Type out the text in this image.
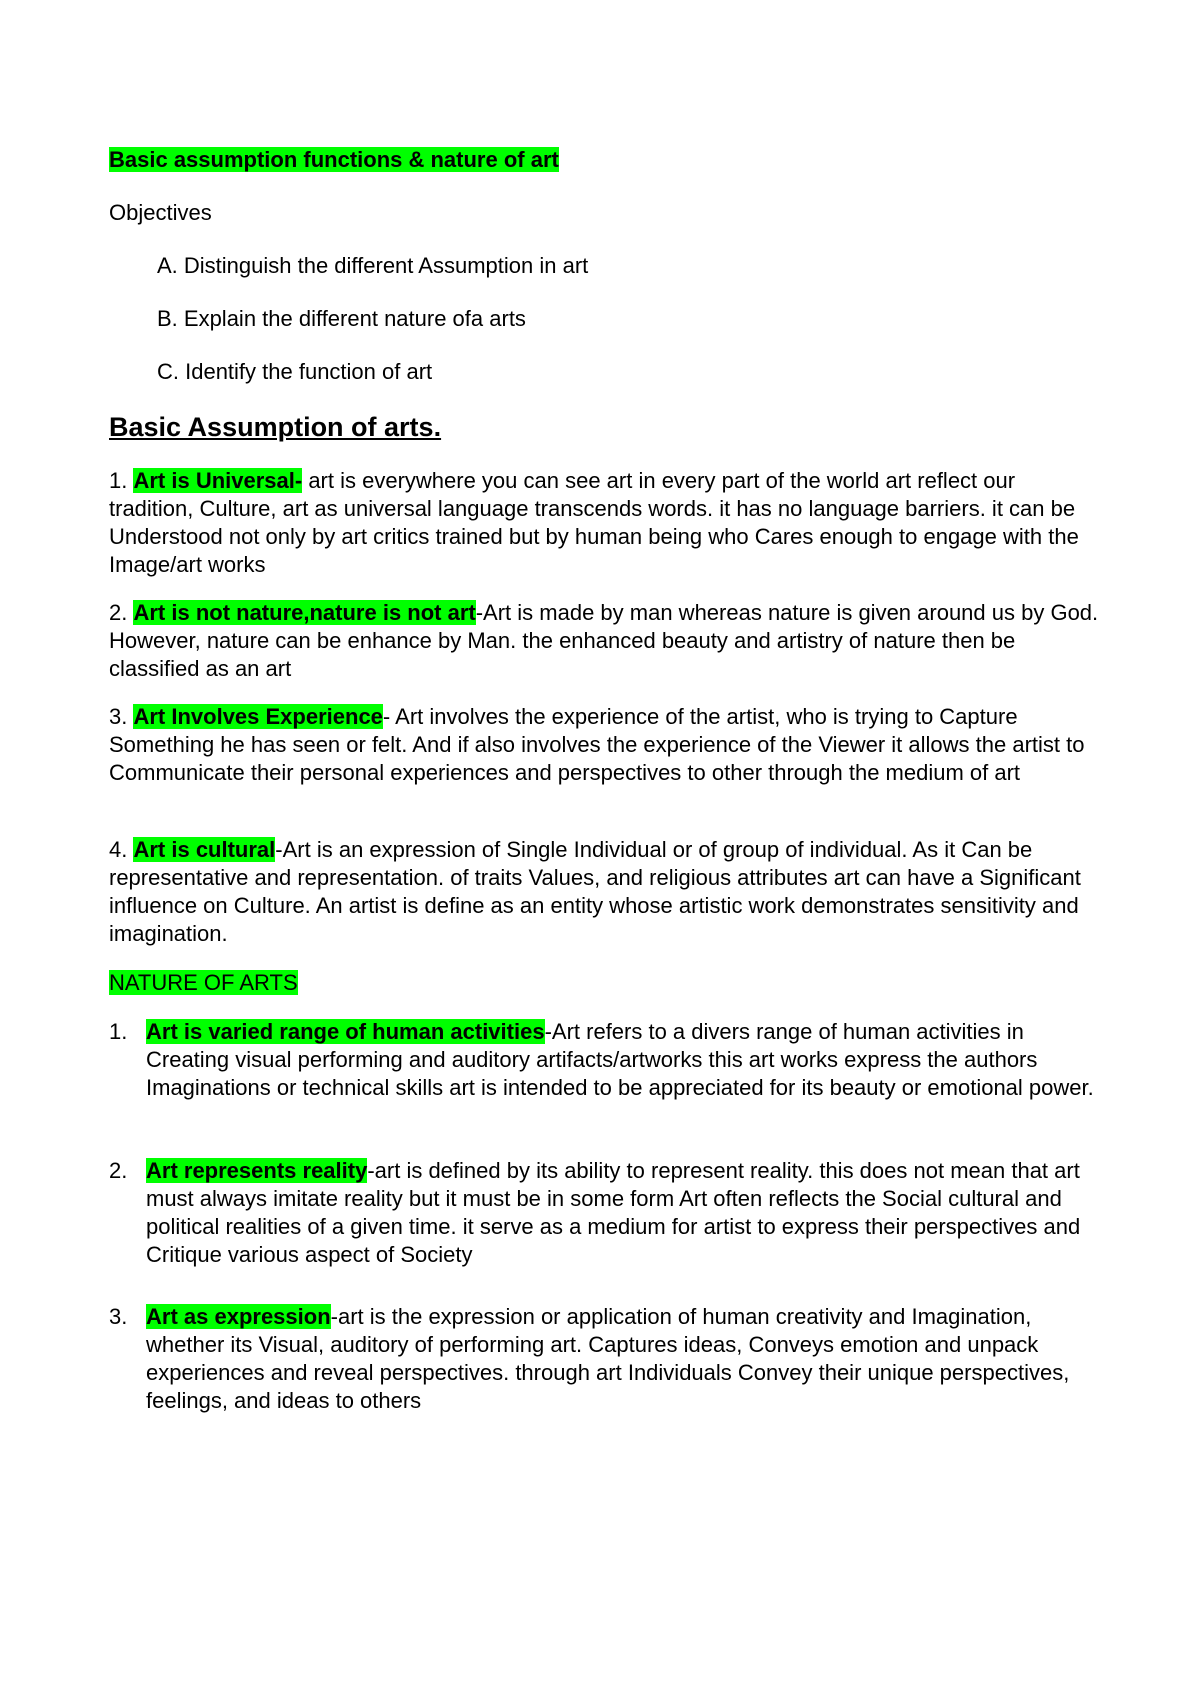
Basic assumption functions & nature of art
Objectives
A. Distinguish the different Assumption in art
B. Explain the different nature ofa arts
C. Identify the function of art
Basic Assumption of arts.
1. Art is Universal- art is everywhere you can see art in every part of the world art reflect our tradition, Culture, art as universal language transcends words. it has no language barriers. it can be Understood not only by art critics trained but by human being who Cares enough to engage with the Image/art works
2. Art is not nature,nature is not art-Art is made by man whereas nature is given around us by God. However, nature can be enhance by Man. the enhanced beauty and artistry of nature then be classified as an art
3. Art Involves Experience- Art involves the experience of the artist, who is trying to Capture Something he has seen or felt. And if also involves the experience of the Viewer it allows the artist to Communicate their personal experiences and perspectives to other through the medium of art
4. Art is cultural-Art is an expression of Single Individual or of group of individual. As it Can be representative and representation. of traits Values, and religious attributes art can have a Significant influence on Culture. An artist is define as an entity whose artistic work demonstrates sensitivity and imagination.
NATURE OF ARTS
1. Art is varied range of human activities-Art refers to a divers range of human activities in Creating visual performing and auditory artifacts/artworks this art works express the authors Imaginations or technical skills art is intended to be appreciated for its beauty or emotional power.
2. Art represents reality-art is defined by its ability to represent reality. this does not mean that art must always imitate reality but it must be in some form Art often reflects the Social cultural and political realities of a given time. it serve as a medium for artist to express their perspectives and Critique various aspect of Society
3. Art as expression-art is the expression or application of human creativity and Imagination, whether its Visual, auditory of performing art. Captures ideas, Conveys emotion and unpack experiences and reveal perspectives. through art Individuals Convey their unique perspectives, feelings, and ideas to others
